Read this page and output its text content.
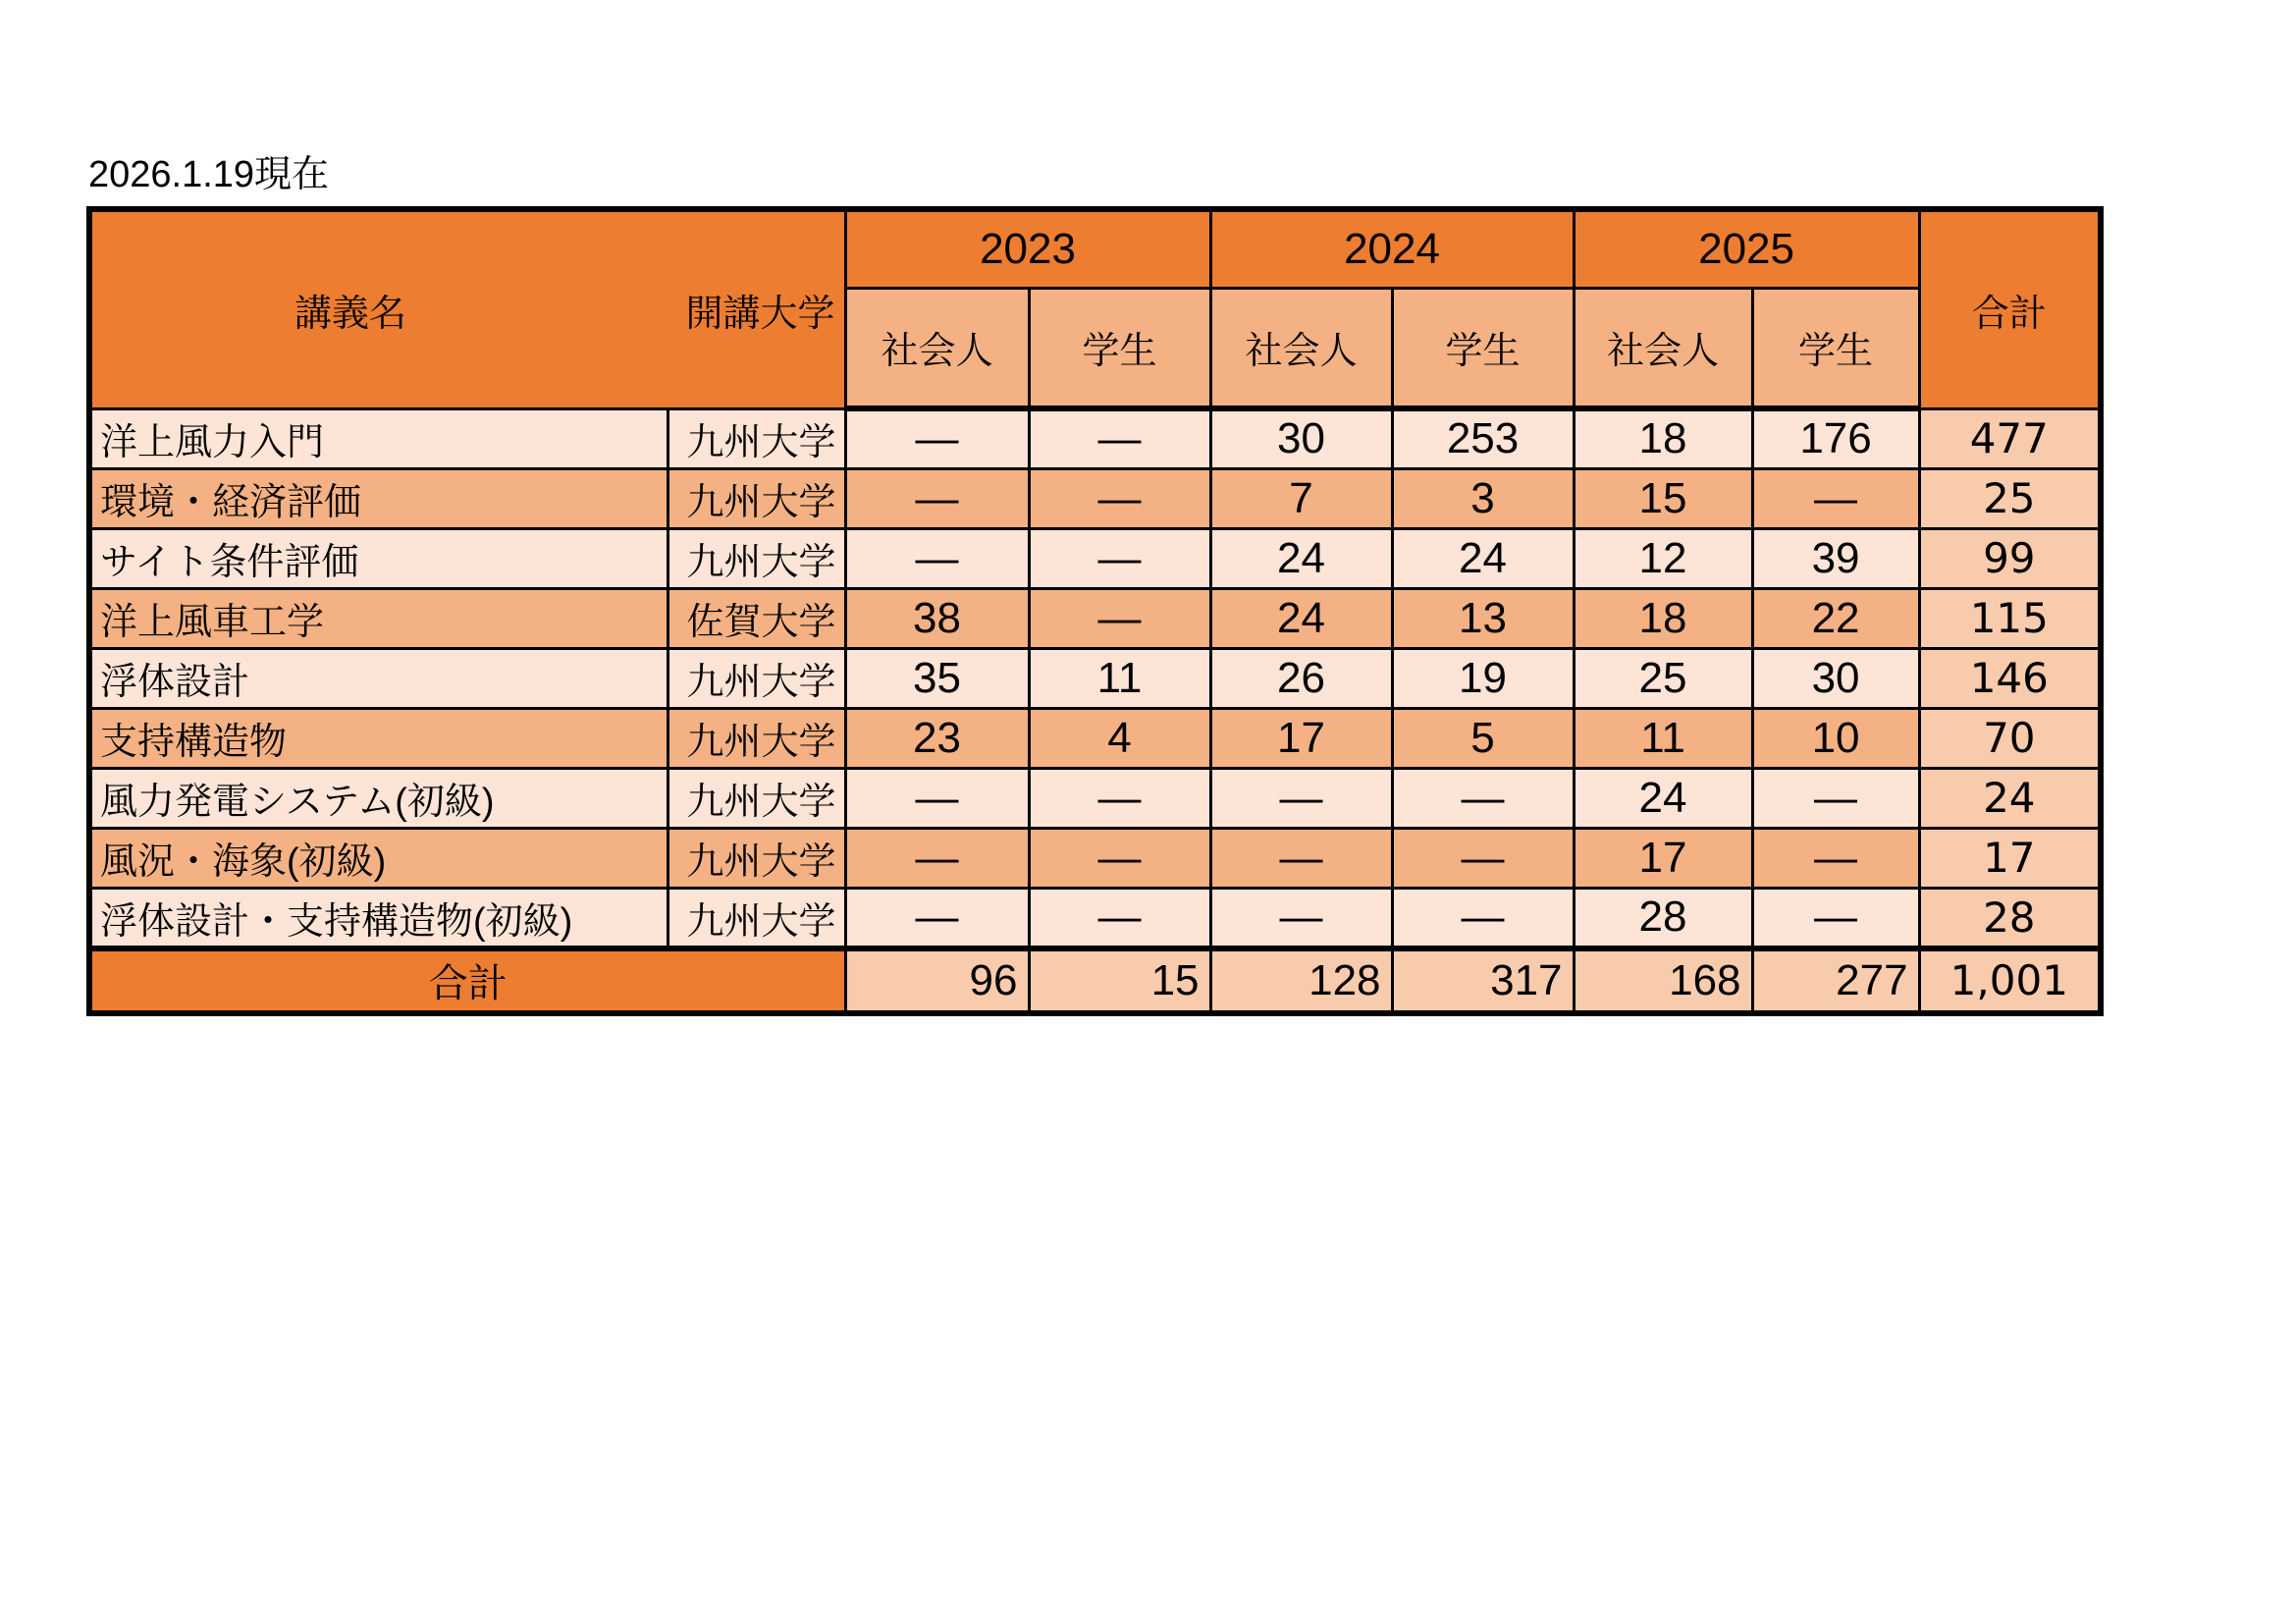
2026.1.19現在
講義名 開講大学		2023		2024		2025		合計
		社会人	学生	社会人	学生	社会人	学生	
洋上風力入門	九州大学	—	—	30	253	18	176	477
環境・経済評価	九州大学	—	—	7	3	15	—	25
サイト条件評価	九州大学	—	—	24	24	12	39	99
洋上風車工学	佐賀大学	38	—	24	13	18	22	115
浮体設計	九州大学	35	11	26	19	25	30	146
支持構造物	九州大学	23	4	17	5	11	10	70
風力発電システム(初級)	九州大学	—	—	—	—	24	—	24
風況・海象(初級)	九州大学	—	—	—	—	17	—	17
浮体設計・支持構造物(初級)	九州大学	—	—	—	—	28	—	28
合計		96	15	128	317	168	277	1,001
